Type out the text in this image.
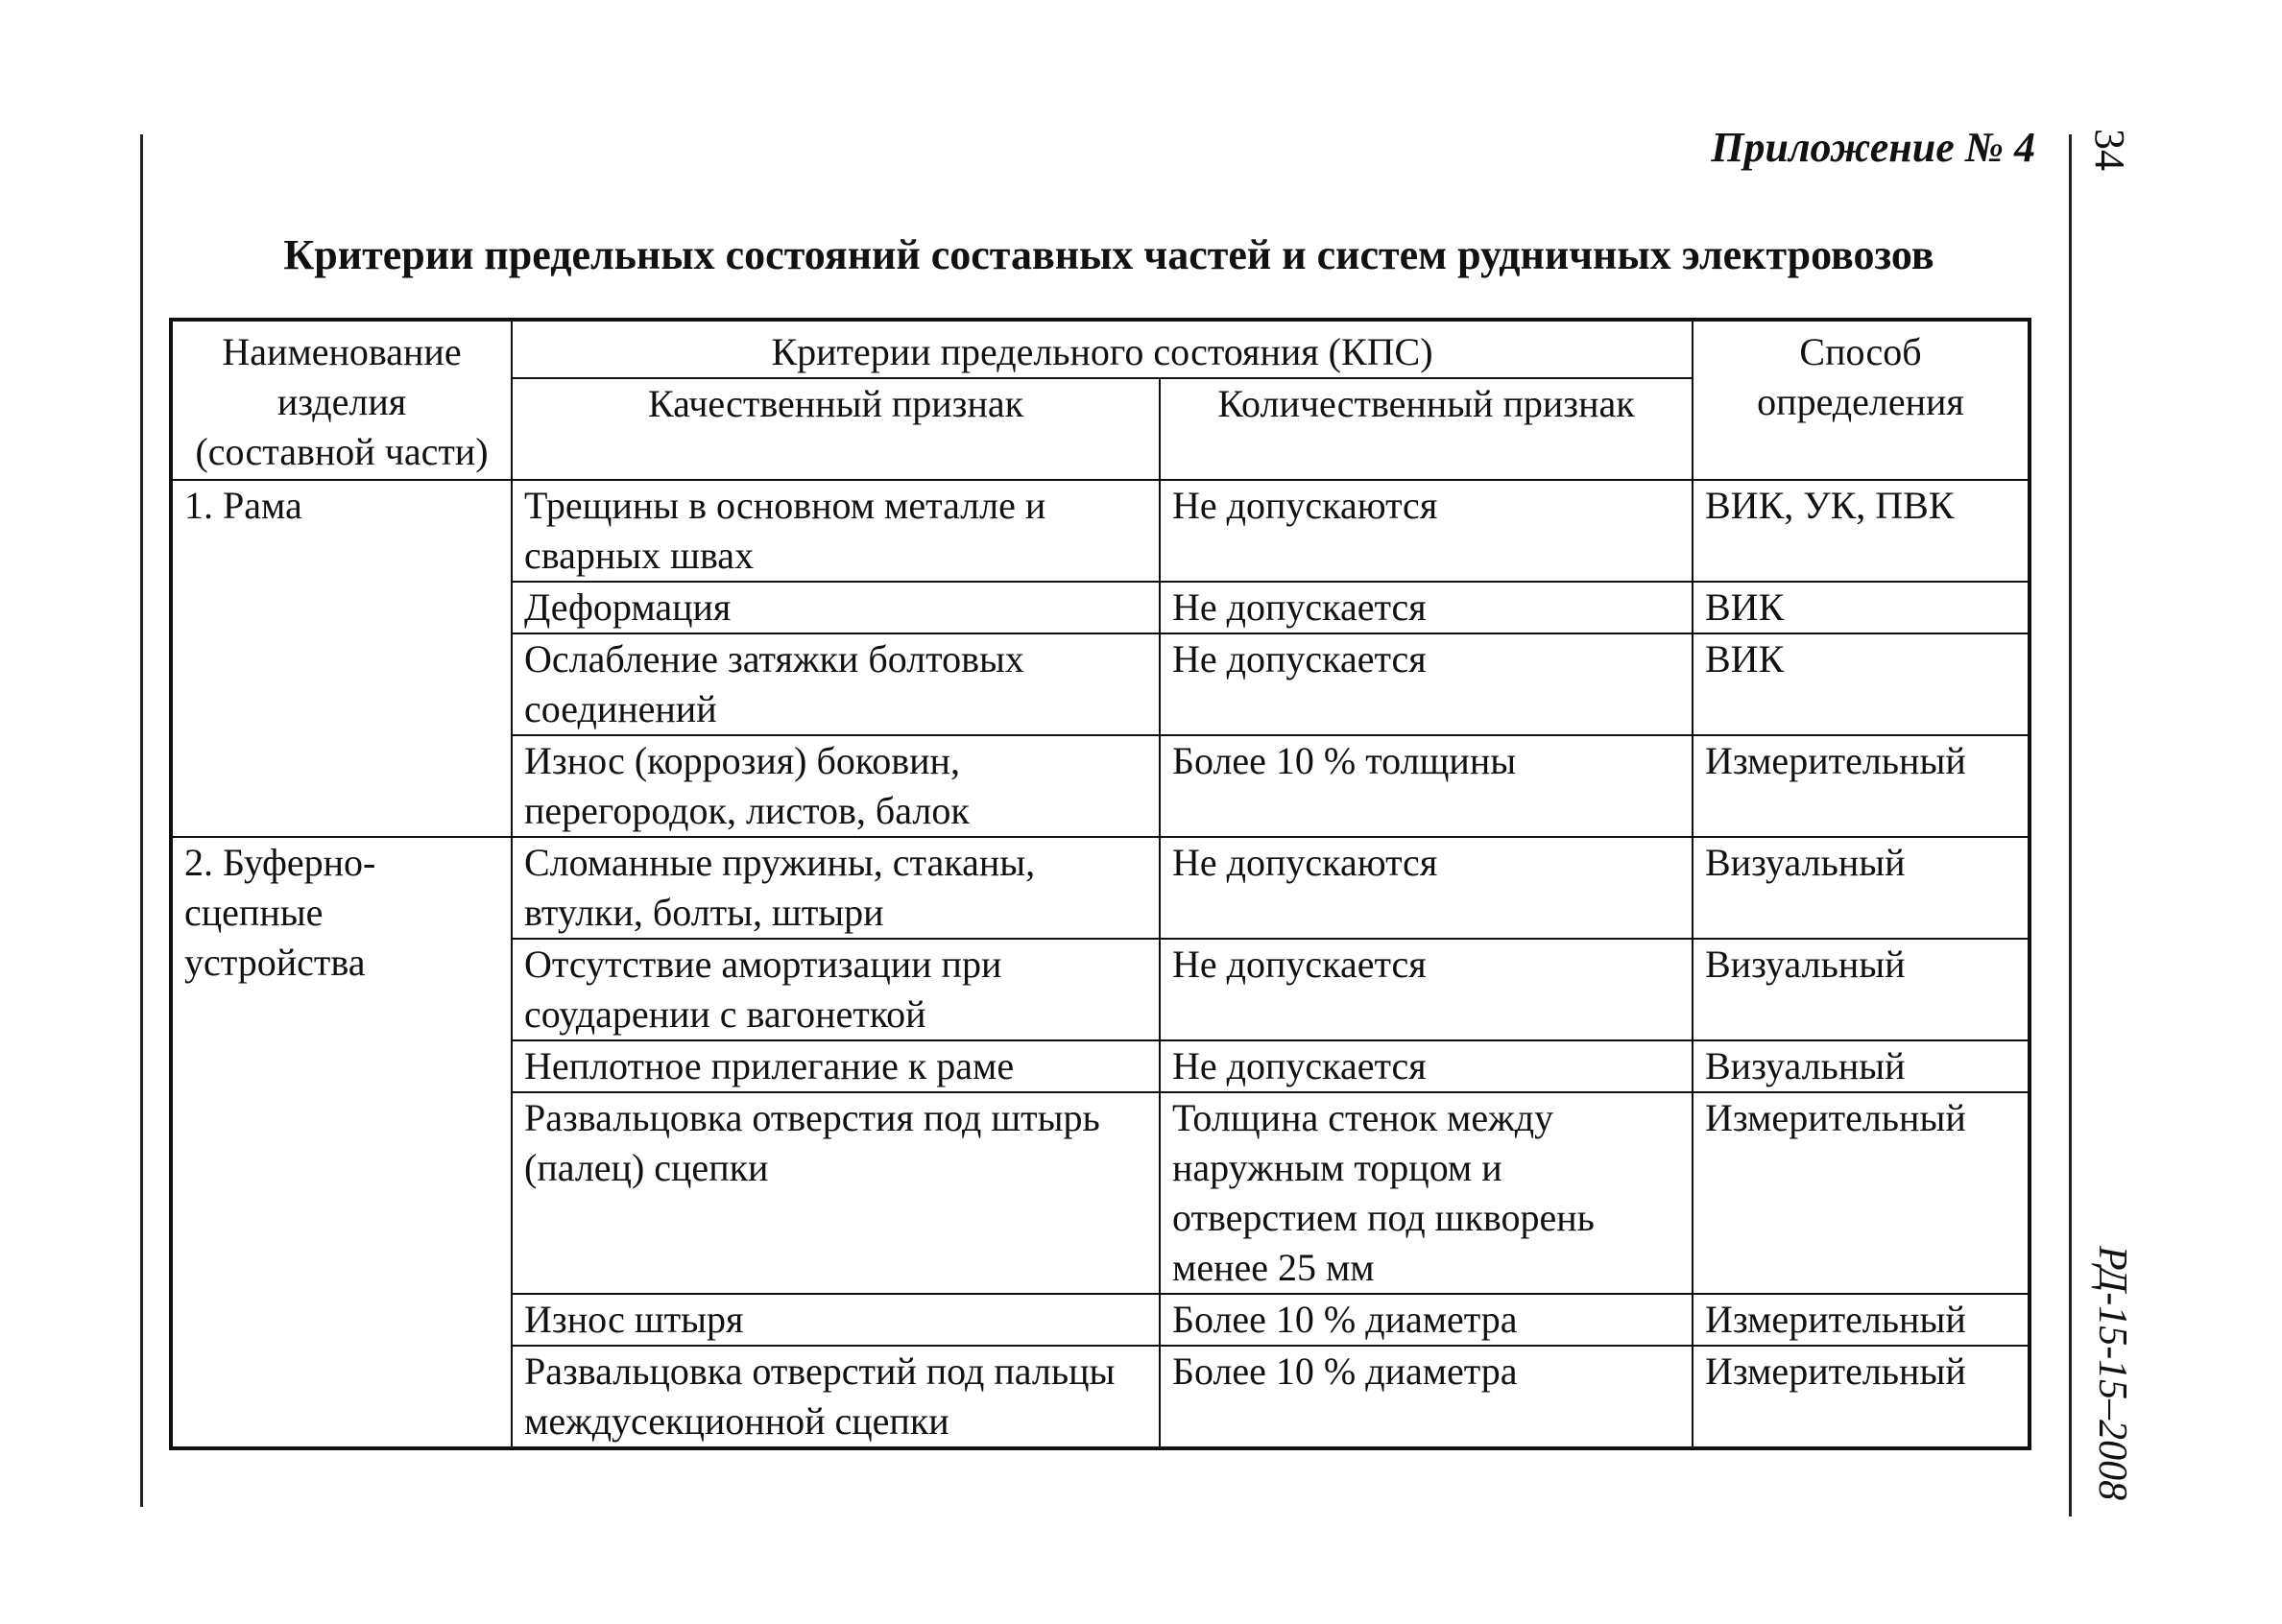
Приложение № 4 34
РД-15-15–2008
Критерии предельных состояний составных частей и систем рудничных электровозов
Наименование изделия (составной части)	Критерии предельного состояния (КПС)		Способ определения
	Качественный признак	Количественный признак	
1. Рама	Трещины в основном металле и сварных швах	Не допускаются	ВИК, УК, ПВК
	Деформация	Не допускается	ВИК
	Ослабление затяжки болтовых соединений	Не допускается	ВИК
	Износ (коррозия) боковин, перегородок, листов, балок	Более 10 % толщины	Измерительный
2. Буферно-сцепные устройства	Сломанные пружины, стаканы, втулки, болты, штыри	Не допускаются	Визуальный
	Отсутствие амортизации при соударении с вагонеткой	Не допускается	Визуальный
	Неплотное прилегание к раме	Не допускается	Визуальный
	Развальцовка отверстия под штырь (палец) сцепки	Толщина стенок между наружным торцом и отверстием под шкворень менее 25 мм	Измерительный
	Износ штыря	Более 10 % диаметра	Измерительный
	Развальцовка отверстий под пальцы междусекционной сцепки	Более 10 % диаметра	Измерительный
